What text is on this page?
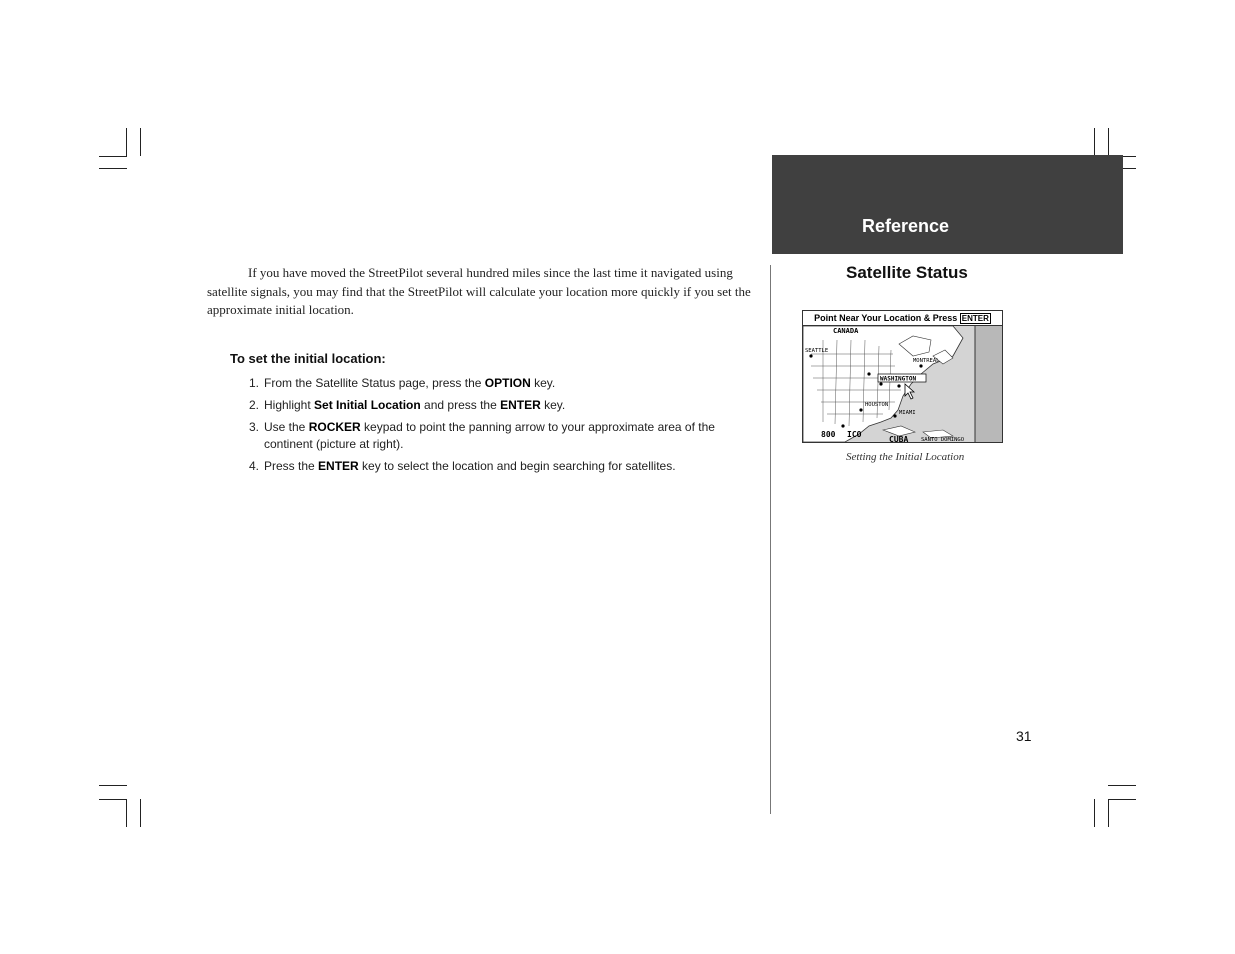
Reference
Satellite Status

If you have moved the StreetPilot several hundred miles since the last time it navigated using satellite signals, you may find that the StreetPilot will calculate your location more quickly if you set the approximate initial location.

To set the initial location:
1. From the Satellite Status page, press the OPTION key.
2. Highlight Set Initial Location and press the ENTER key.
3. Use the ROCKER keypad to point the panning arrow to your approximate area of the continent (picture at right).
4. Press the ENTER key to select the location and begin searching for satellites.
Point Near Your Location & Press ENTER
CANADA
SEATTLE
MONTREAL
WASHINGTON
HOUSTON
MIAMI
800 ICO
CUBA SANTO DOMINGO
Setting the Initial Location
31
